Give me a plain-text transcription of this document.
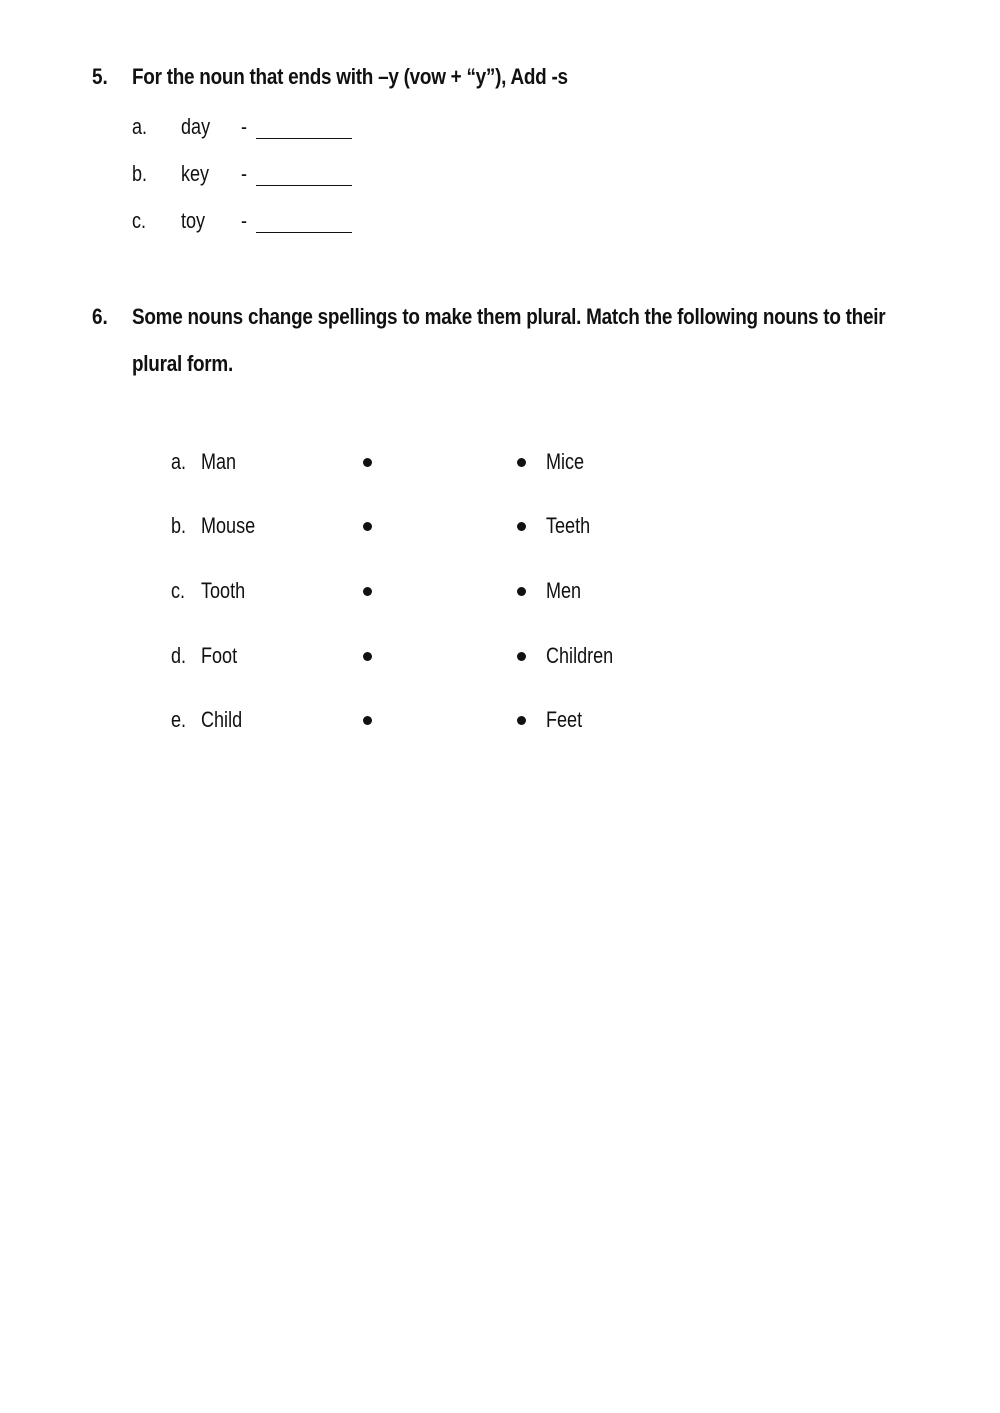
5. For the noun that ends with –y (vow + “y”), Add -s
a. day -
b. key -
c. toy -
6. Some nouns change spellings to make them plural. Match the following nouns to their
plural form.
a. Man	Mice
b. Mouse	Teeth
c. Tooth	Men
d. Foot	Children
e. Child	Feet
